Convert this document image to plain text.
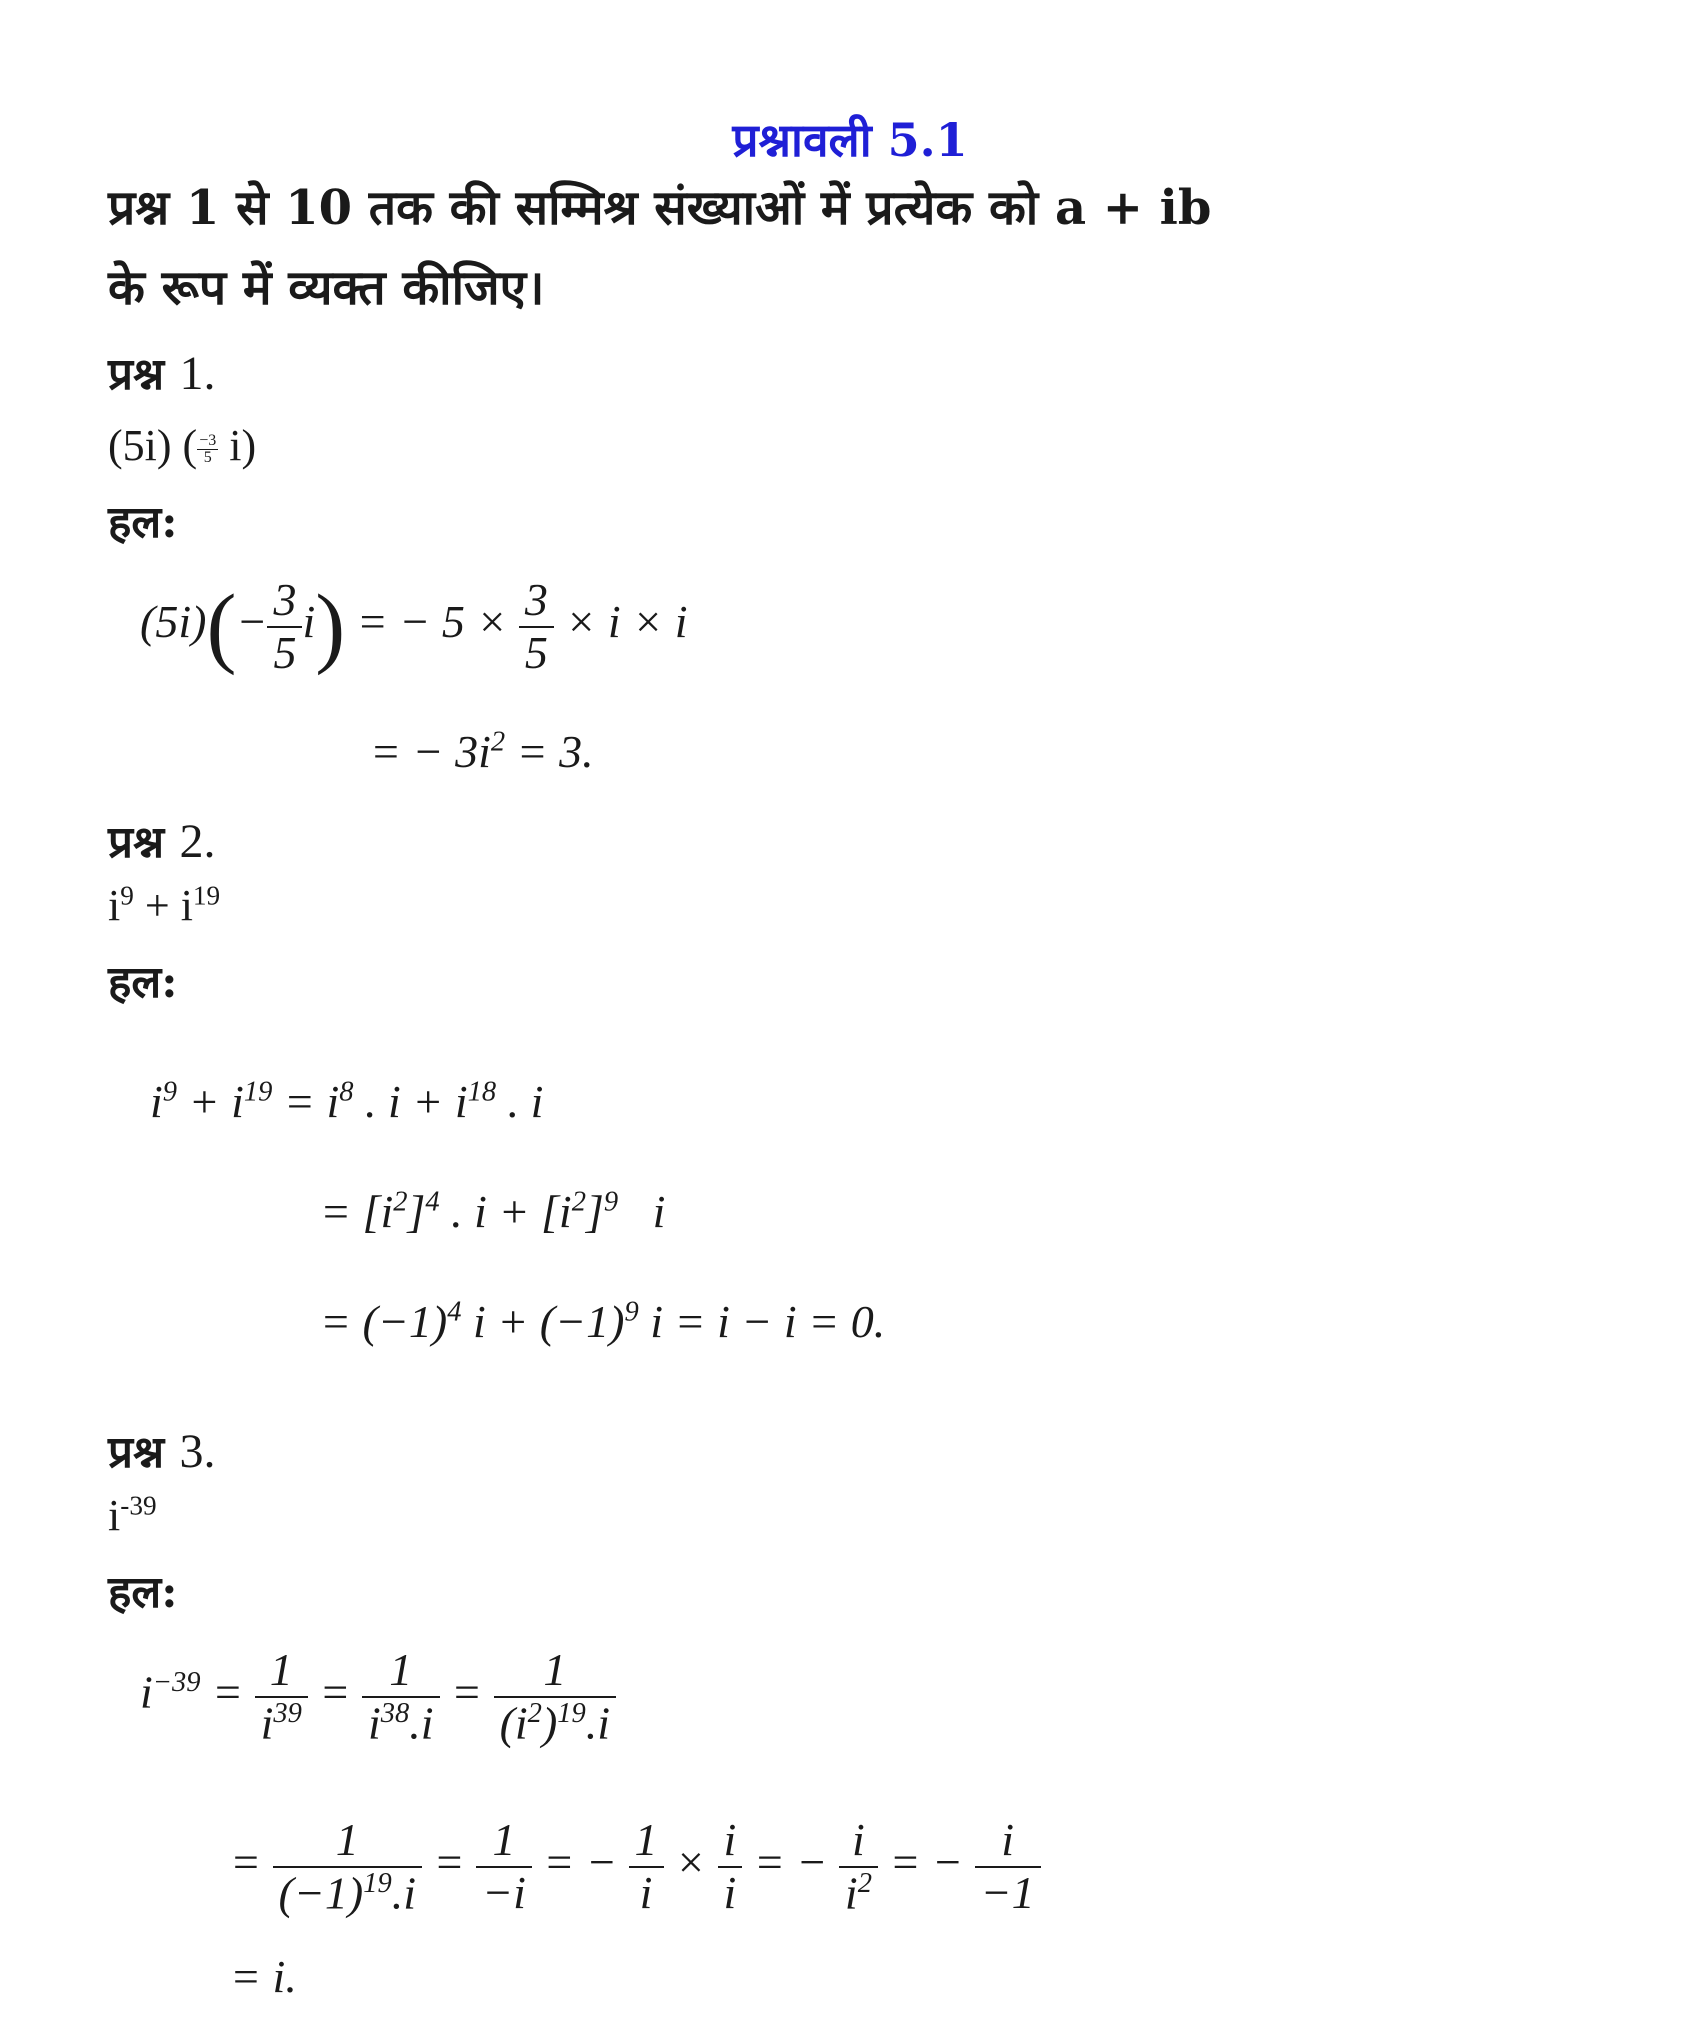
प्रश्नावली 5.1
प्रश्न 1 से 10 तक की सम्मिश्र संख्याओं में प्रत्येक को a + ib
के रूप में व्यक्त कीजिए।
प्रश्न 1.
(5i) ( $\frac{-3}{5} i$)
हल:
$(5i)(- \frac{3}{5} i)$ = − $5 \times \frac{3}{5} \times i \times i$
= − $3i^2 = 3$.
प्रश्न 2.
$i^9 + i^{19}$
हल:
$i^9 + i^{19} = i^8$ . $i + i^{18}$ . i
= $[i^2]^4$ . $i + [i^2]^9$ i
= $(-1)^4$ $i + (-1)^9$ i = i − i = 0.
प्रश्न 3.
$i^{-39}$
हल:
$i^{-39} = \frac{1}{i^{39}} = \frac{1}{i^{38}.i} = \frac{1}{(i^2)^{19}.i}$
= $\frac{1}{(-1)^{19}.i} = \frac{1}{-i}$ = − $\frac{1}{i} \times \frac{i}{i}$ = − $\frac{i}{i^2}$ = − $\frac{i}{-1}$
= i.
